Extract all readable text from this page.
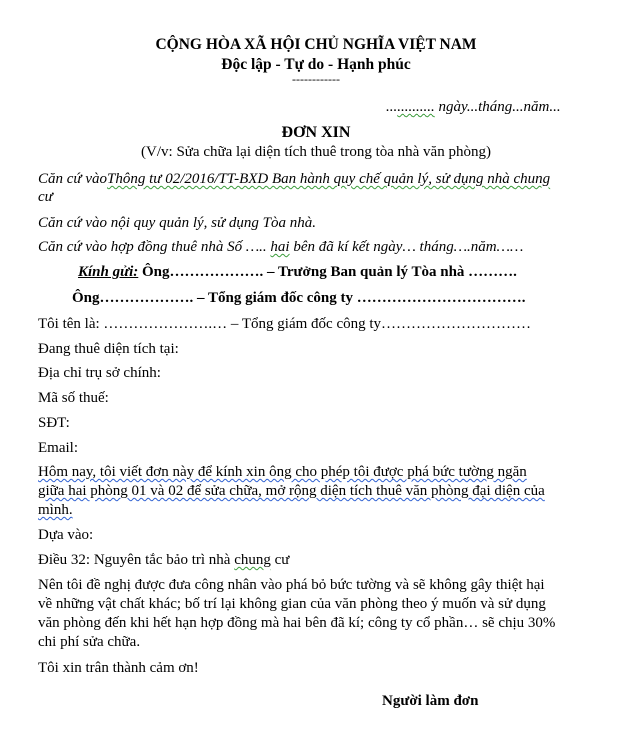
CỘNG HÒA XÃ HỘI CHỦ NGHĨA VIỆT NAM
Độc lập - Tự do - Hạnh phúc
------------
............. ngày...tháng...năm...
ĐƠN XIN
(V/v: Sửa chữa lại diện tích thuê trong tòa nhà văn phòng)
Căn cứ vàoThông tư 02/2016/TT-BXD Ban hành quy chế quản lý, sử dụng nhà chung
cư
Căn cứ vào nội quy quản lý, sử dụng Tòa nhà.
Căn cứ vào hợp đồng thuê nhà Số ….. hai bên đã kí kết ngày… tháng….năm……
Kính gửi: Ông………………. – Trưởng Ban quản lý Tòa nhà ……….
Ông………………. – Tổng giám đốc công ty …………………………….
Tôi tên là: ………………….… – Tổng giám đốc công ty…………………………
Đang thuê diện tích tại:
Địa chỉ trụ sở chính:
Mã số thuế:
SĐT:
Email:
Hôm nay, tôi viết đơn này để kính xin ông cho phép tôi được phá bức tường ngăn
giữa hai phòng 01 và 02 để sửa chữa, mở rộng diện tích thuê văn phòng đại diện của
mình.
Dựa vào:
Điều 32: Nguyên tắc bảo trì nhà chung cư
Nên tôi đề nghị được đưa công nhân vào phá bỏ bức tường và sẽ không gây thiệt hại
về những vật chất khác; bố trí lại không gian của văn phòng theo ý muốn và sử dụng
văn phòng đến khi hết hạn hợp đồng mà hai bên đã kí; công ty cổ phần… sẽ chịu 30%
chi phí sửa chữa.
Tôi xin trân thành cảm ơn!
Người làm đơn
